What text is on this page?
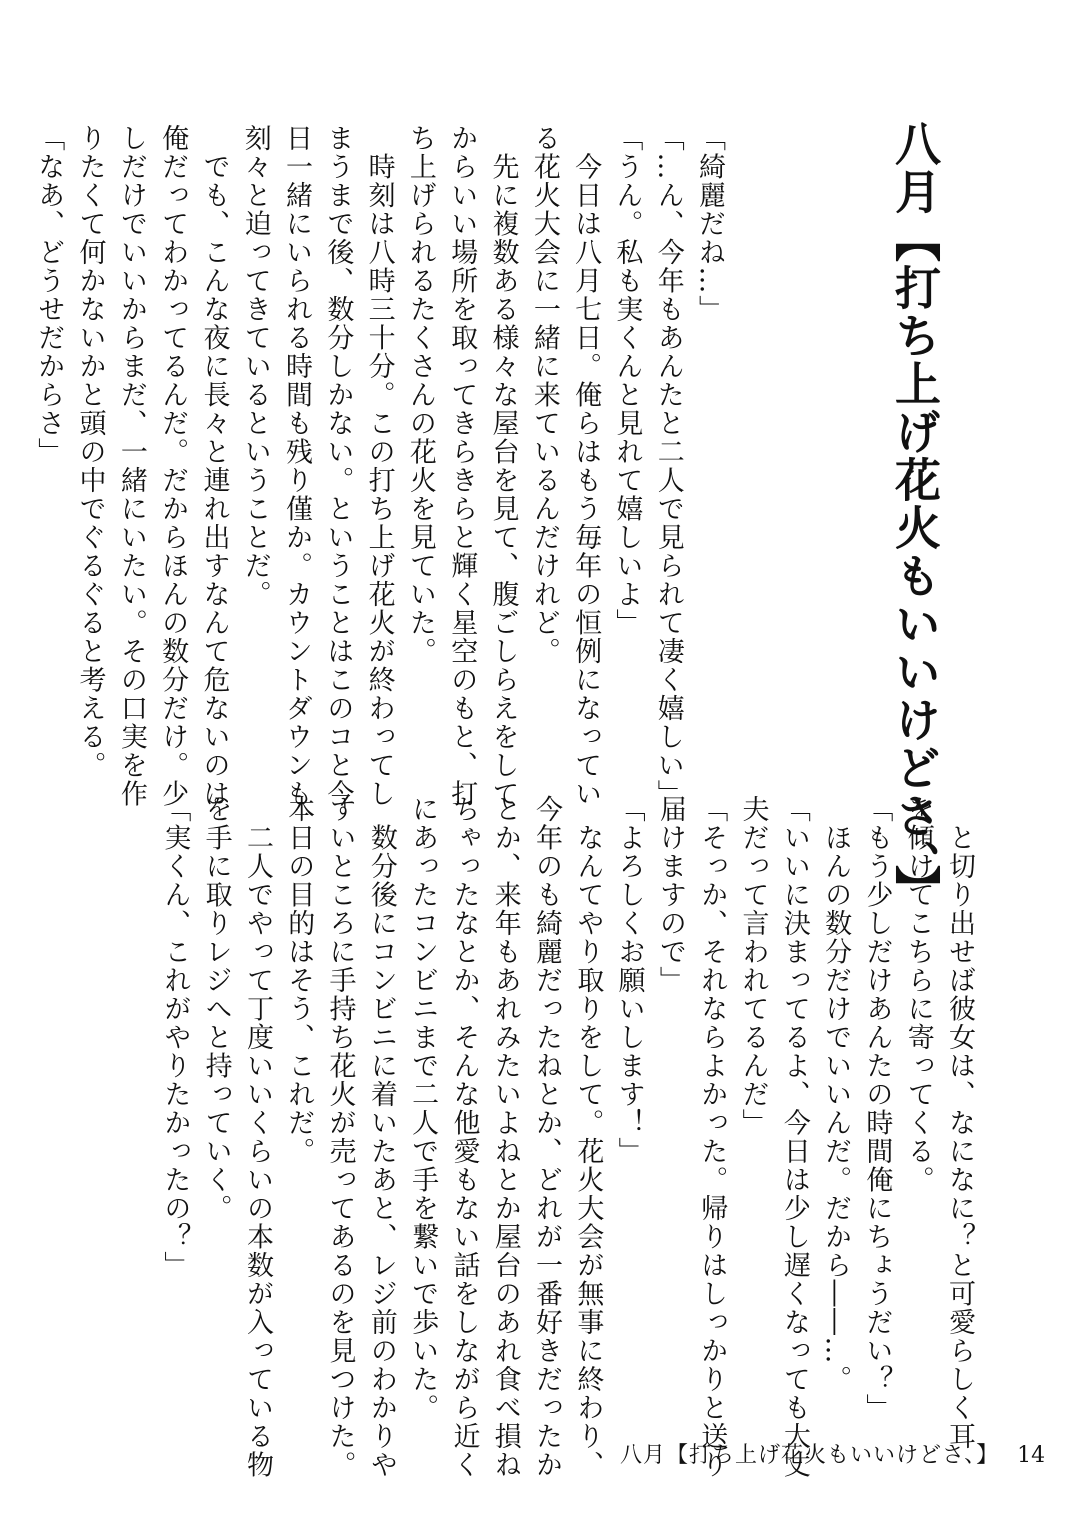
八月【打ち上げ花火もいいけどさ、】
「綺麗だね…」
「…ん、今年もあんたと二人で見られて凄く嬉しい」
「うん。私も実くんと見れて嬉しいよ」
　今日は八月七日。俺らはもう毎年の恒例になってい
る花火大会に一緒に来ているんだけれど。
　先に複数ある様々な屋台を見て、腹ごしらえをして
からいい場所を取ってきらきらと輝く星空のもと、打
ち上げられるたくさんの花火を見ていた。
　時刻は八時三十分。この打ち上げ花火が終わってし
まうまで後、数分しかない。ということはこのコと今
日一緒にいられる時間も残り僅か。カウントダウンも
刻々と迫ってきているということだ。
　でも、こんな夜に長々と連れ出すなんて危ないのは
俺だってわかってるんだ。だからほんの数分だけ。少
しだけでいいからまだ、一緒にいたい。その口実を作
りたくて何かないかと頭の中でぐるぐると考える。
「なあ、どうせだからさ」
　と切り出せば彼女は、なになに？と可愛らしく耳
を傾けてこちらに寄ってくる。
「もう少しだけあんたの時間俺にちょうだい？」
　ほんの数分だけでいいんだ。だから――…。
「いいに決まってるよ、今日は少し遅くなっても大丈
夫だって言われてるんだ」
「そっか、それならよかった。帰りはしっかりと送り
届けますので」
「よろしくお願いします！」
　なんてやり取りをして。花火大会が無事に終わり、
今年のも綺麗だったねとか、どれが一番好きだったか
とか、来年もあれみたいよねとか屋台のあれ食べ損ね
ちゃったなとか、そんな他愛もない話をしながら近く
にあったコンビニまで二人で手を繋いで歩いた。
　数分後にコンビニに着いたあと、レジ前のわかりや
すいところに手持ち花火が売ってあるのを見つけた。
本日の目的はそう、これだ。
　二人でやって丁度いいくらいの本数が入っている物
を手に取りレジへと持っていく。
「実くん、これがやりたかったの？」
八月【打ち上げ花火もいいけどさ、】 14
